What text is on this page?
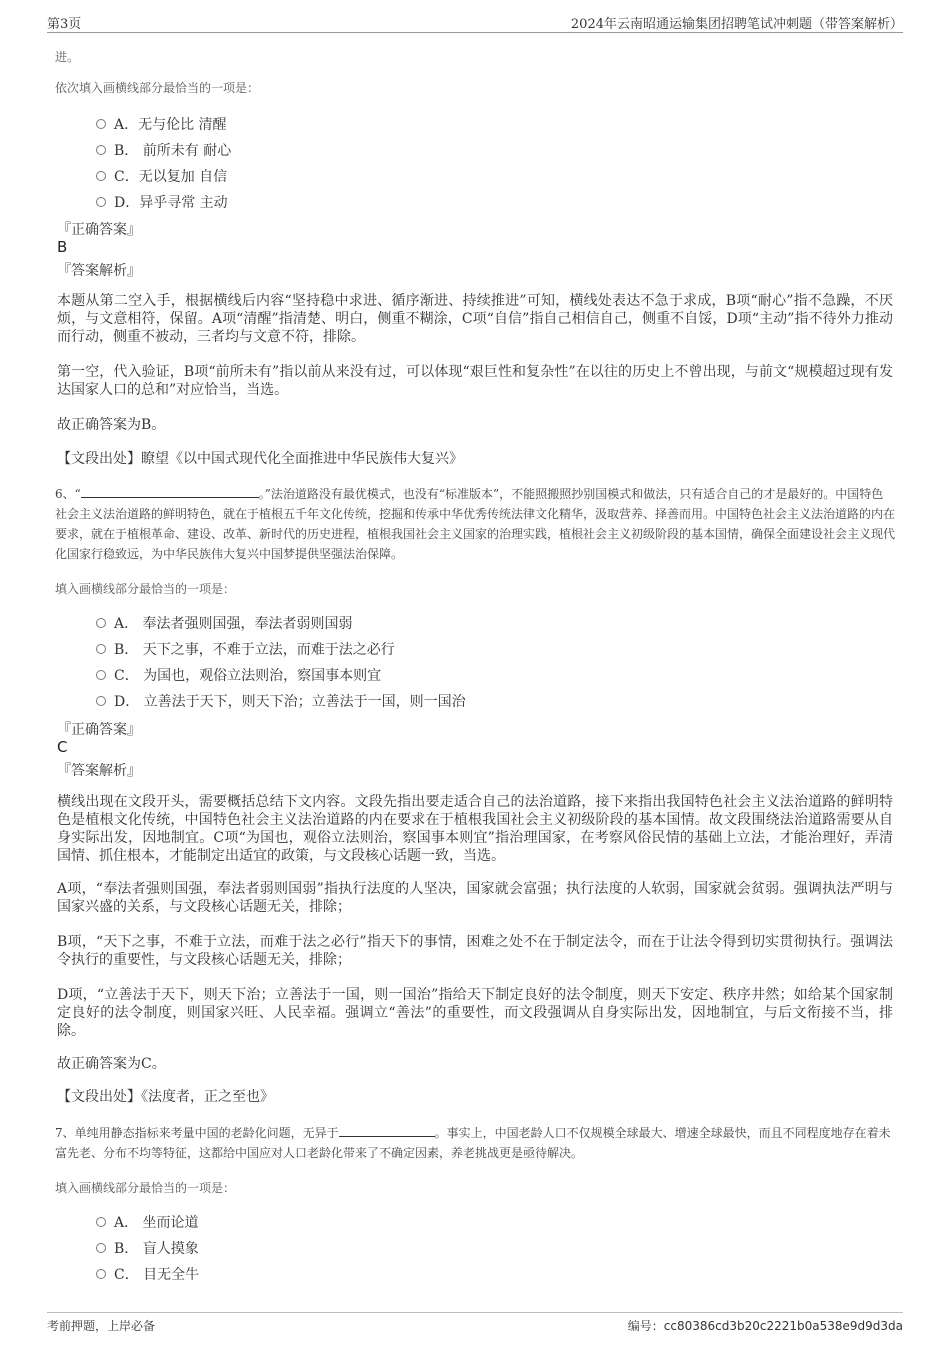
第3页	2024年云南昭通运输集团招聘笔试冲刺题（带答案解析）
进。
依次填入画横线部分最恰当的一项是：
A．无与伦比 清醒
B． 前所未有 耐心
C．无以复加 自信
D．异乎寻常 主动
『正确答案』
B
『答案解析』
本题从第二空入手，根据横线后内容“坚持稳中求进、循序渐进、持续推进”可知，横线处表达不急于求成，B项“耐心”指不急躁，不厌烦，与文意相符，保留。A项“清醒”指清楚、明白，侧重不糊涂，C项“自信”指自己相信自己，侧重不自馁，D项“主动”指不待外力推动而行动，侧重不被动，三者均与文意不符，排除。
第一空，代入验证，B项“前所未有”指以前从来没有过，可以体现“艰巨性和复杂性”在以往的历史上不曾出现，与前文“规模超过现有发达国家人口的总和”对应恰当，当选。
故正确答案为B。
【文段出处】瞭望《以中国式现代化全面推进中华民族伟大复兴》
6、“	。”法治道路没有最优模式，也没有“标准版本”，不能照搬照抄别国模式和做法，只有适合自己的才是最好的。中国特色社会主义法治道路的鲜明特色，就在于植根五千年文化传统，挖掘和传承中华优秀传统法律文化精华，汲取营养、择善而用。中国特色社会主义法治道路的内在要求，就在于植根革命、建设、改革、新时代的历史进程，植根我国社会主义国家的治理实践，植根社会主义初级阶段的基本国情，确保全面建设社会主义现代化国家行稳致远，为中华民族伟大复兴中国梦提供坚强法治保障。
填入画横线部分最恰当的一项是：
A． 奉法者强则国强，奉法者弱则国弱
B． 天下之事，不难于立法，而难于法之必行
C． 为国也，观俗立法则治，察国事本则宜
D． 立善法于天下，则天下治；立善法于一国，则一国治
『正确答案』
C
『答案解析』
横线出现在文段开头，需要概括总结下文内容。文段先指出要走适合自己的法治道路，接下来指出我国特色社会主义法治道路的鲜明特色是植根文化传统，中国特色社会主义法治道路的内在要求在于植根我国社会主义初级阶段的基本国情。故文段围绕法治道路需要从自身实际出发，因地制宜。C项“为国也，观俗立法则治，察国事本则宜”指治理国家，在考察风俗民情的基础上立法，才能治理好，弄清国情、抓住根本，才能制定出适宜的政策，与文段核心话题一致，当选。
A项，“奉法者强则国强，奉法者弱则国弱”指执行法度的人坚决，国家就会富强；执行法度的人软弱，国家就会贫弱。强调执法严明与国家兴盛的关系，与文段核心话题无关，排除；
B项，“天下之事，不难于立法，而难于法之必行”指天下的事情，困难之处不在于制定法令，而在于让法令得到切实贯彻执行。强调法令执行的重要性，与文段核心话题无关，排除；
D项，“立善法于天下，则天下治；立善法于一国，则一国治”指给天下制定良好的法令制度，则天下安定、秩序井然；如给某个国家制定良好的法令制度，则国家兴旺、人民幸福。强调立“善法”的重要性，而文段强调从自身实际出发，因地制宜，与后文衔接不当，排除。
故正确答案为C。
【文段出处】《法度者，正之至也》
7、单纯用静态指标来考量中国的老龄化问题，无异于	。事实上，中国老龄人口不仅规模全球最大、增速全球最快，而且不同程度地存在着未富先老、分布不均等特征，这都给中国应对人口老龄化带来了不确定因素，养老挑战更是亟待解决。
填入画横线部分最恰当的一项是：
A． 坐而论道
B． 盲人摸象
C． 目无全牛
考前押题，上岸必备	编号：cc80386cd3b20c2221b0a538e9d9d3da
